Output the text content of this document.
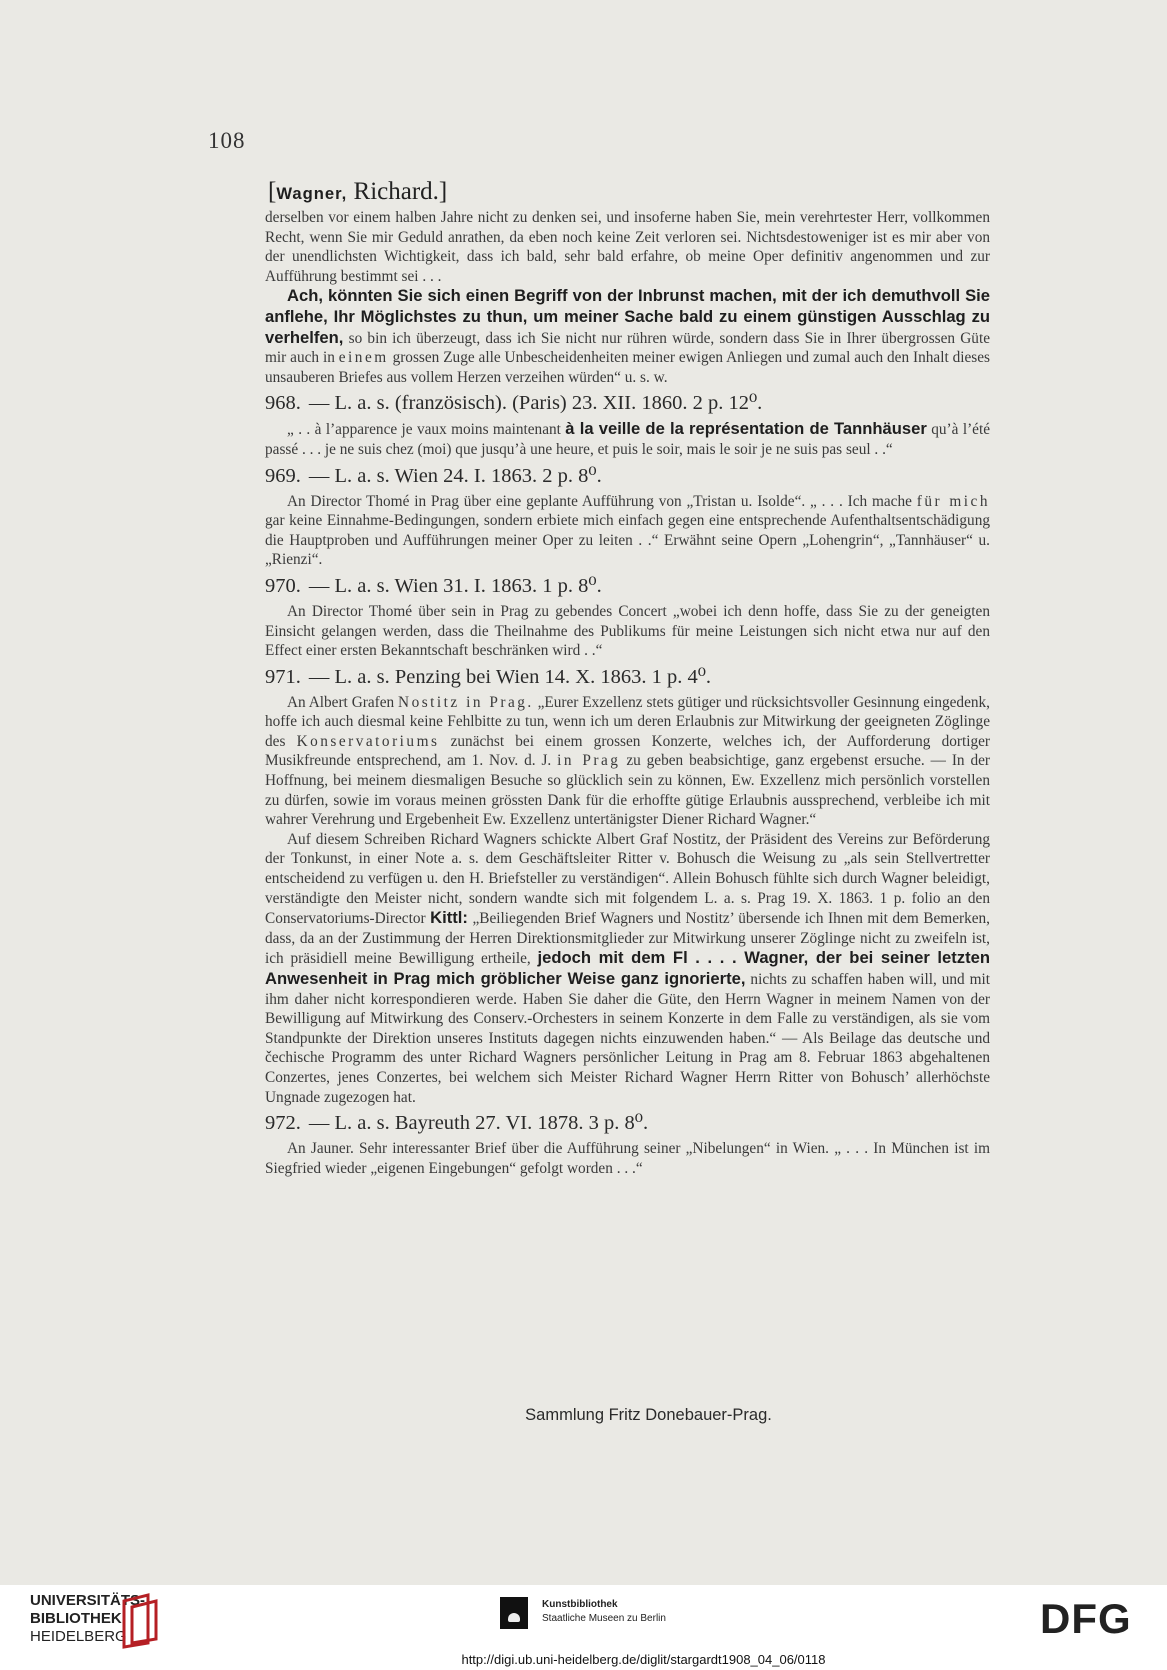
108
[Wagner, Richard.]

derselben vor einem halben Jahre nicht zu denken sei, und insoferne haben Sie, mein verehrtester Herr, vollkommen Recht, wenn Sie mir Geduld anrathen, da eben noch keine Zeit verloren sei. Nichtsdestoweniger ist es mir aber von der unendlichsten Wichtigkeit, dass ich bald, sehr bald erfahre, ob meine Oper definitiv angenommen und zur Aufführung bestimmt sei . . .

Ach, könnten Sie sich einen Begriff von der Inbrunst machen, mit der ich demuthvoll Sie anflehe, Ihr Möglichstes zu thun, um meiner Sache bald zu einem günstigen Ausschlag zu verhelfen, so bin ich überzeugt, dass ich Sie nicht nur rühren würde, sondern dass Sie in Ihrer übergrossen Güte mir auch in einem grossen Zuge alle Unbescheidenheiten meiner ewigen Anliegen und zumal auch den Inhalt dieses unsauberen Briefes aus vollem Herzen verzeihen würden“ u. s. w.

968. — L. a. s. (französisch). (Paris) 23. XII. 1860. 2 p. 12⁰.

„ . . à l’apparence je vaux moins maintenant à la veille de la représentation de Tannhäuser qu’à l’été passé . . . je ne suis chez (moi) que jusqu’à une heure, et puis le soir, mais le soir je ne suis pas seul . .“

969. — L. a. s. Wien 24. I. 1863. 2 p. 8⁰.

An Director Thomé in Prag über eine geplante Aufführung von „Tristan u. Isolde“. „ . . . Ich mache für mich gar keine Einnahme-Bedingungen, sondern erbiete mich einfach gegen eine entsprechende Aufenthaltsentschädigung die Hauptproben und Aufführungen meiner Oper zu leiten . .“ Erwähnt seine Opern „Lohengrin“, „Tannhäuser“ u. „Rienzi“.

970. — L. a. s. Wien 31. I. 1863. 1 p. 8⁰.

An Director Thomé über sein in Prag zu gebendes Concert „wobei ich denn hoffe, dass Sie zu der geneigten Einsicht gelangen werden, dass die Theilnahme des Publikums für meine Leistungen sich nicht etwa nur auf den Effect einer ersten Bekanntschaft beschränken wird . .“

971. — L. a. s. Penzing bei Wien 14. X. 1863. 1 p. 4⁰.

An Albert Grafen Nostitz in Prag. „Eurer Exzellenz stets gütiger und rücksichtsvoller Gesinnung eingedenk, hoffe ich auch diesmal keine Fehlbitte zu tun, wenn ich um deren Erlaubnis zur Mitwirkung der geeigneten Zöglinge des Konservatoriums zunächst bei einem grossen Konzerte, welches ich, der Aufforderung dortiger Musikfreunde entsprechend, am 1. Nov. d. J. in Prag zu geben beabsichtige, ganz ergebenst ersuche. — In der Hoffnung, bei meinem diesmaligen Besuche so glücklich sein zu können, Ew. Exzellenz mich persönlich vorstellen zu dürfen, sowie im voraus meinen grössten Dank für die erhoffte gütige Erlaubnis aussprechend, verbleibe ich mit wahrer Verehrung und Ergebenheit Ew. Exzellenz untertänigster Diener Richard Wagner.“

Auf diesem Schreiben Richard Wagners schickte Albert Graf Nostitz, der Präsident des Vereins zur Beförderung der Tonkunst, in einer Note a. s. dem Geschäftsleiter Ritter v. Bohusch die Weisung zu „als sein Stellvertretter entscheidend zu verfügen u. den H. Briefsteller zu verständigen“. Allein Bohusch fühlte sich durch Wagner beleidigt, verständigte den Meister nicht, sondern wandte sich mit folgendem L. a. s. Prag 19. X. 1863. 1 p. folio an den Conservatoriums-Director Kittl: „Beiliegenden Brief Wagners und Nostitz’ übersende ich Ihnen mit dem Bemerken, dass, da an der Zustimmung der Herren Direktionsmitglieder zur Mitwirkung unserer Zöglinge nicht zu zweifeln ist, ich präsidiell meine Bewilligung ertheile, jedoch mit dem Fl . . . . Wagner, der bei seiner letzten Anwesenheit in Prag mich gröblicher Weise ganz ignorierte, nichts zu schaffen haben will, und mit ihm daher nicht korrespondieren werde. Haben Sie daher die Güte, den Herrn Wagner in meinem Namen von der Bewilligung auf Mitwirkung des Conserv.-Orchesters in seinem Konzerte in dem Falle zu verständigen, als sie vom Standpunkte der Direktion unseres Instituts dagegen nichts einzuwenden haben.“ — Als Beilage das deutsche und čechische Programm des unter Richard Wagners persönlicher Leitung in Prag am 8. Februar 1863 abgehaltenen Conzertes, jenes Conzertes, bei welchem sich Meister Richard Wagner Herrn Ritter von Bohusch’ allerhöchste Ungnade zugezogen hat.

972. — L. a. s. Bayreuth 27. VI. 1878. 3 p. 8⁰.

An Jauner. Sehr interessanter Brief über die Aufführung seiner „Nibelungen“ in Wien. „ . . . In München ist im Siegfried wieder „eigenen Eingebungen“ gefolgt worden . . .“

Sammlung Fritz Donebauer-Prag.
UNIVERSITÄTS-
BIBLIOTHEK
HEIDELBERG
Kunstbibliothek
Staatliche Museen zu Berlin	DFG
http://digi.ub.uni-heidelberg.de/diglit/stargardt1908_04_06/0118
